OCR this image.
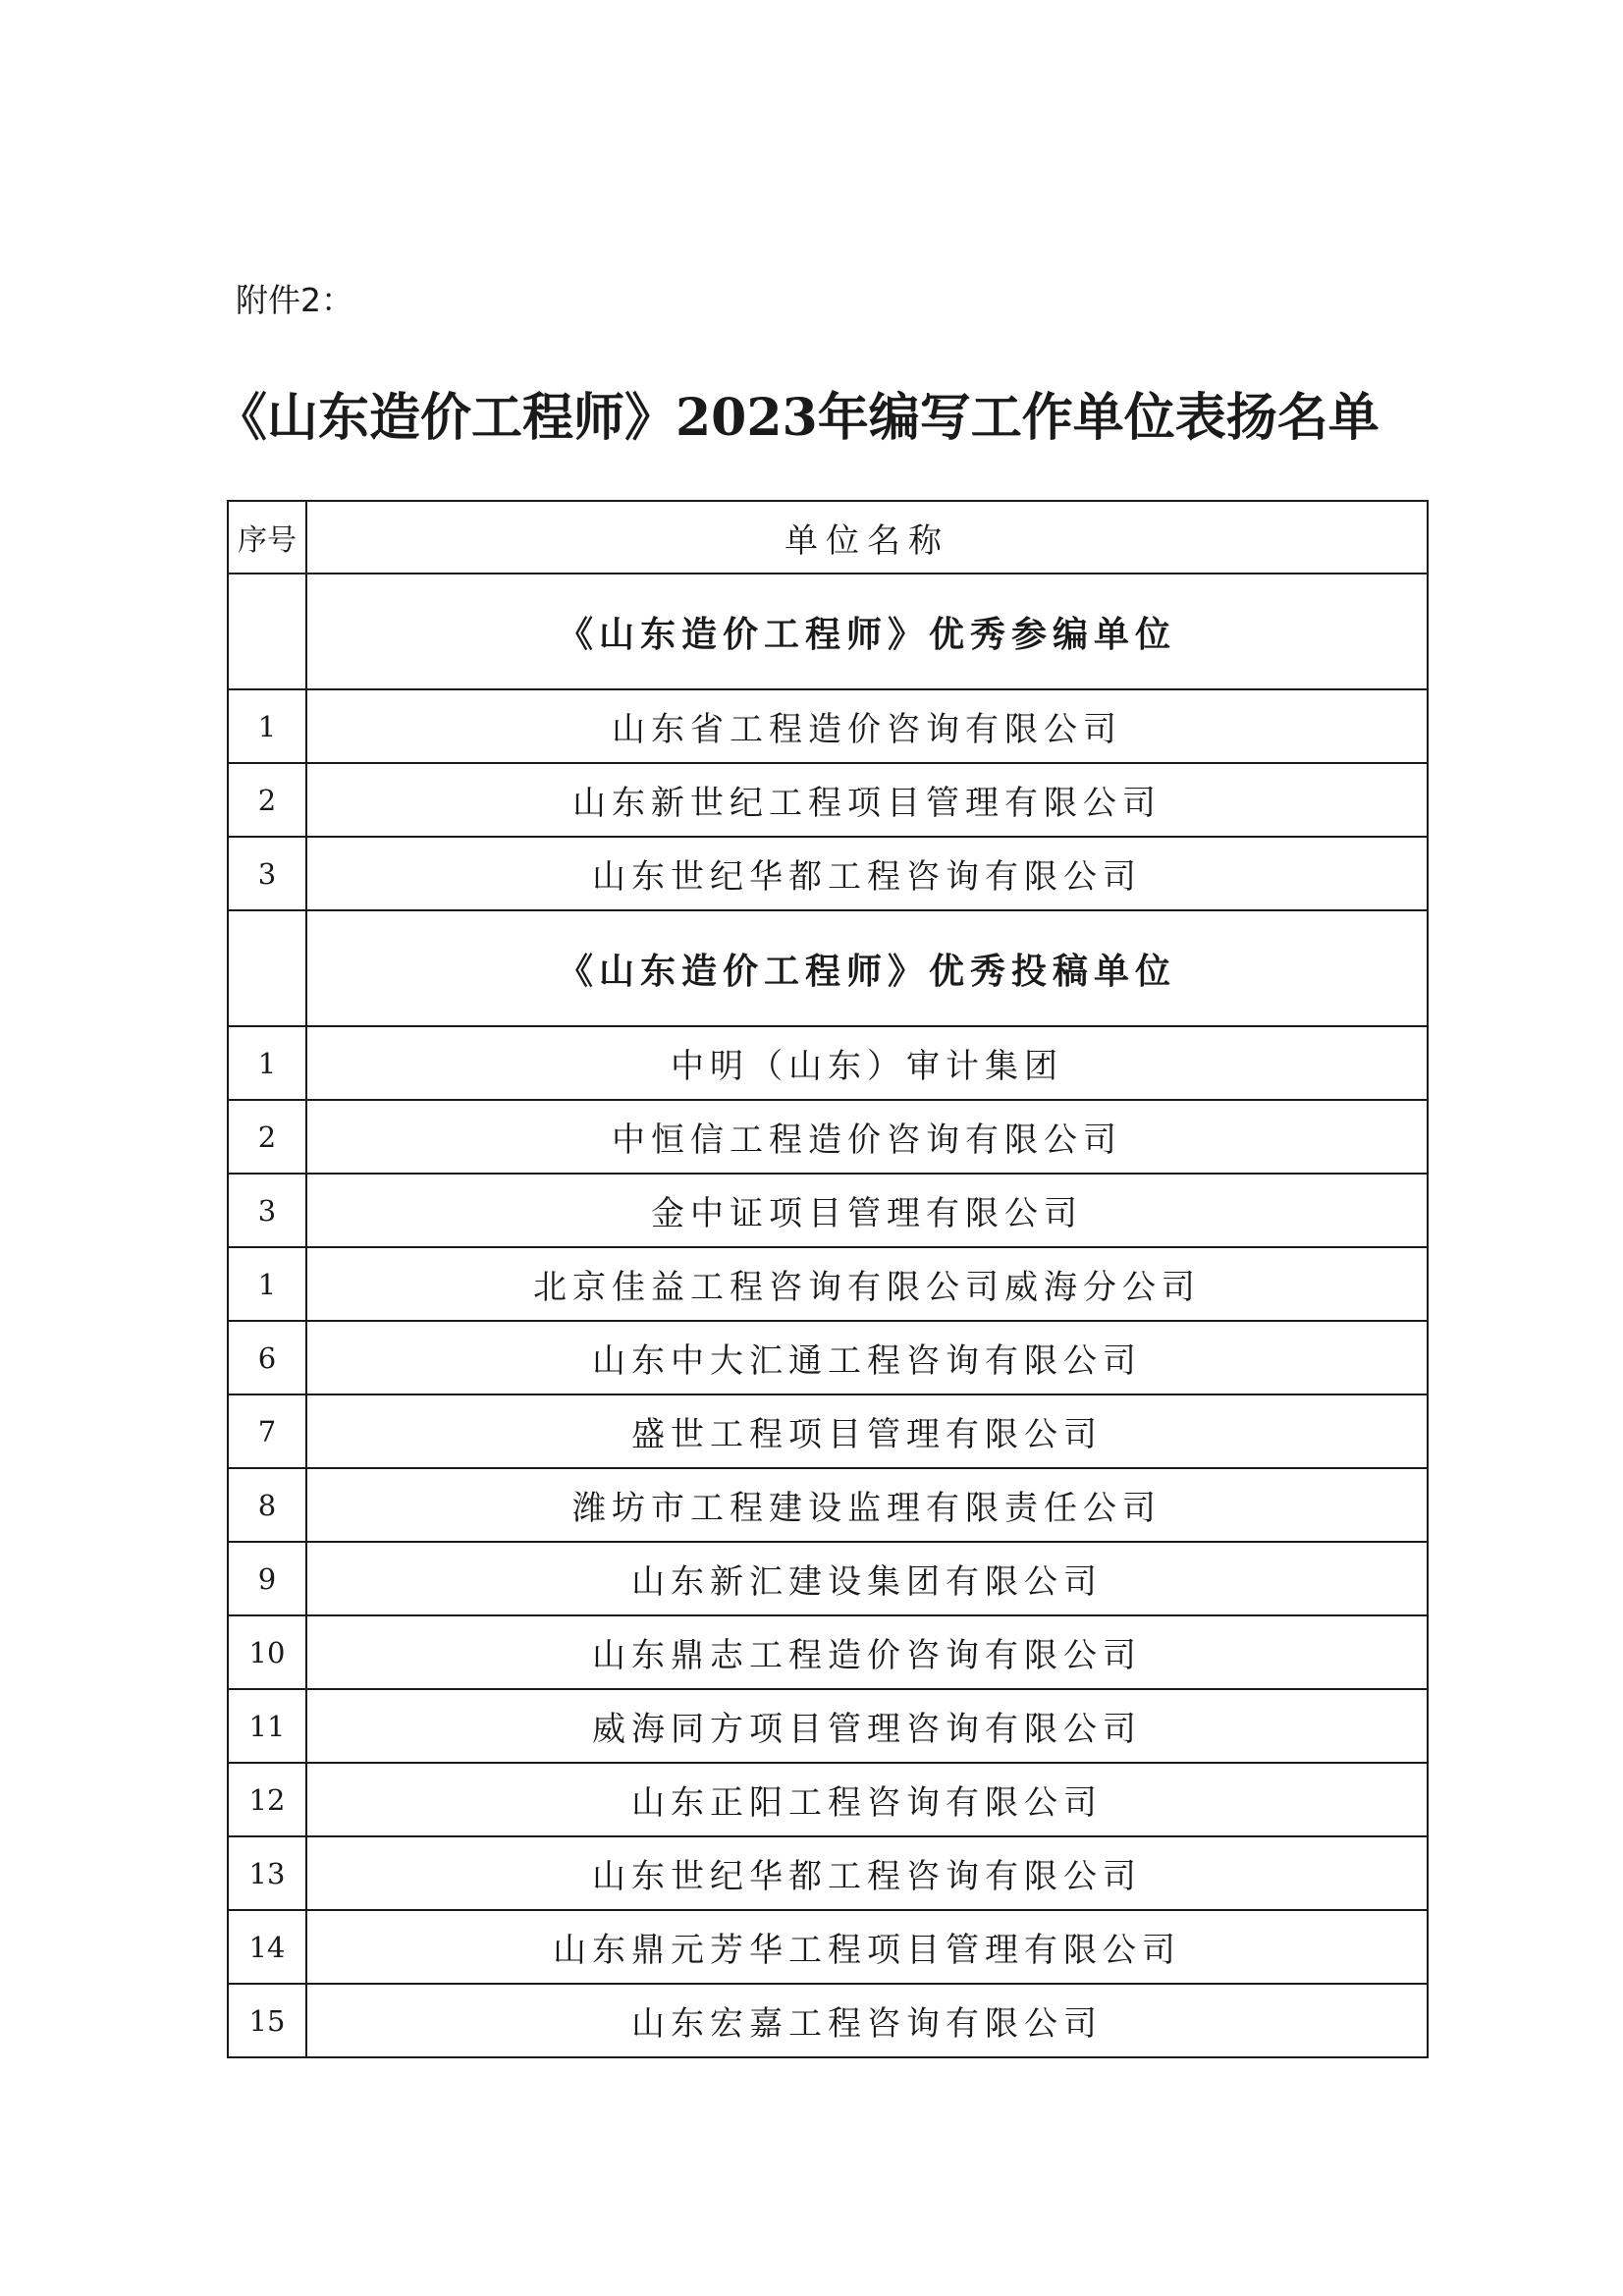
附件2：
《山东造价工程师》2023年编写工作单位表扬名单
序号	单位名称
	《山东造价工程师》优秀参编单位
1	山东省工程造价咨询有限公司
2	山东新世纪工程项目管理有限公司
3	山东世纪华都工程咨询有限公司
	《山东造价工程师》优秀投稿单位
1	中明（山东）审计集团
2	中恒信工程造价咨询有限公司
3	金中证项目管理有限公司
1	北京佳益工程咨询有限公司威海分公司
6	山东中大汇通工程咨询有限公司
7	盛世工程项目管理有限公司
8	潍坊市工程建设监理有限责任公司
9	山东新汇建设集团有限公司
10	山东鼎志工程造价咨询有限公司
11	威海同方项目管理咨询有限公司
12	山东正阳工程咨询有限公司
13	山东世纪华都工程咨询有限公司
14	山东鼎元芳华工程项目管理有限公司
15	山东宏嘉工程咨询有限公司
